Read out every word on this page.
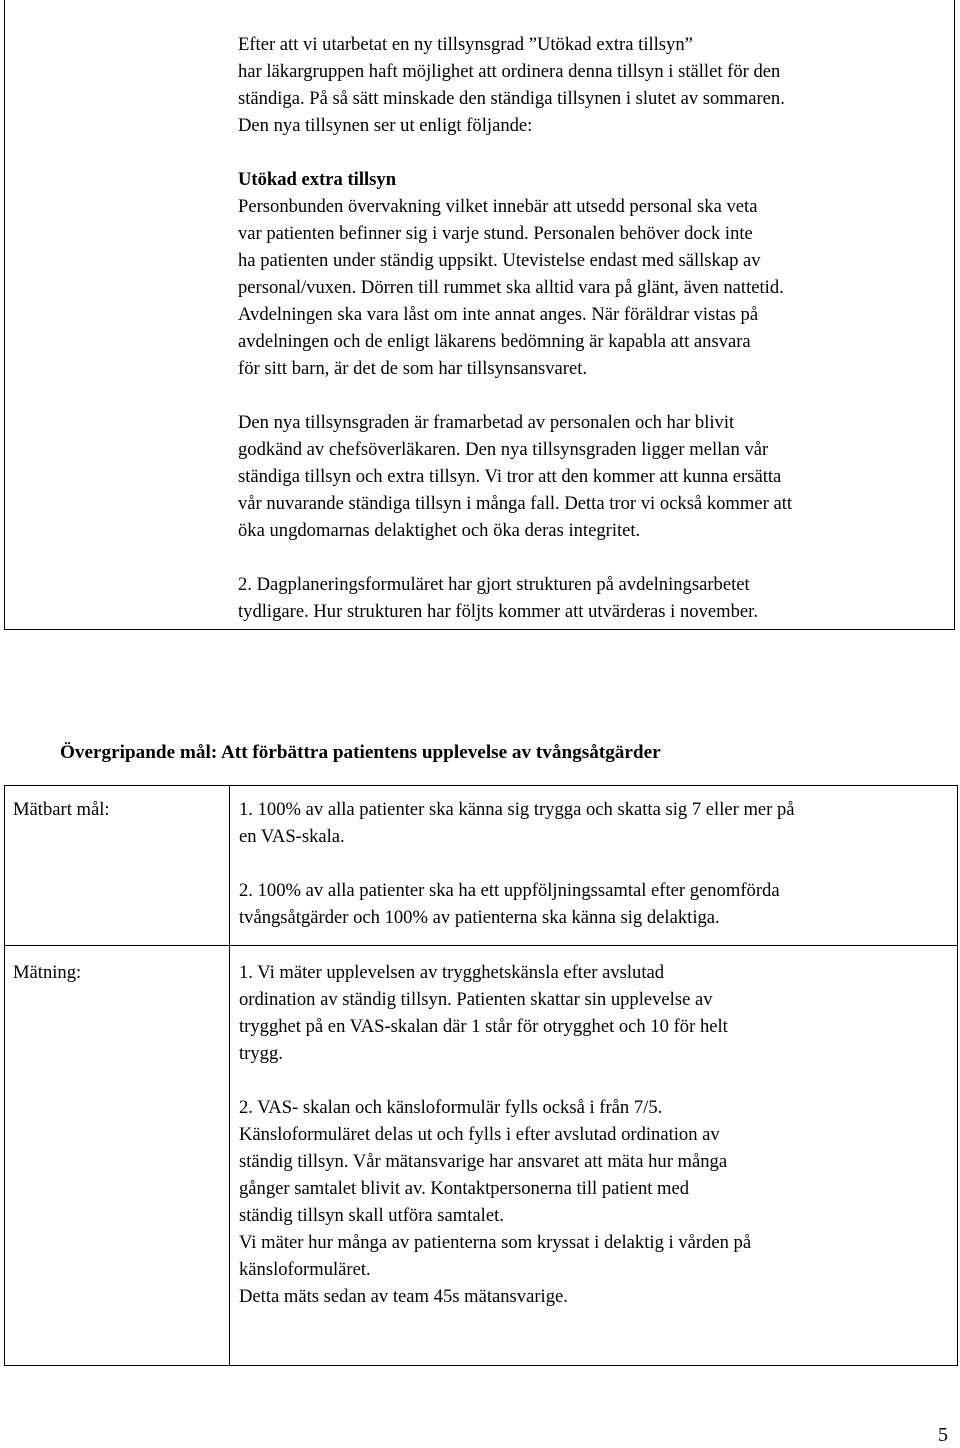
Efter att vi utarbetat en ny tillsynsgrad ”Utökad extra tillsyn”

har läkargruppen haft möjlighet att ordinera denna tillsyn i stället för den

ständiga. På så sätt minskade den ständiga tillsynen i slutet av sommaren.

Den nya tillsynen ser ut enligt följande:

Utökad extra tillsyn

Personbunden övervakning vilket innebär att utsedd personal ska veta

var patienten befinner sig i varje stund. Personalen behöver dock inte

ha patienten under ständig uppsikt. Utevistelse endast med sällskap av

personal/vuxen. Dörren till rummet ska alltid vara på glänt, även nattetid.

Avdelningen ska vara låst om inte annat anges. När föräldrar vistas på

avdelningen och de enligt läkarens bedömning är kapabla att ansvara

för sitt barn, är det de som har tillsynsansvaret.

Den nya tillsynsgraden är framarbetad av personalen och har blivit

godkänd av chefsöverläkaren. Den nya tillsynsgraden ligger mellan vår

ständiga tillsyn och extra tillsyn. Vi tror att den kommer att kunna ersätta

vår nuvarande ständiga tillsyn i många fall. Detta tror vi också kommer att

öka ungdomarnas delaktighet och öka deras integritet.

2. Dagplaneringsformuläret har gjort strukturen på avdelningsarbetet

tydligare. Hur strukturen har följts kommer att utvärderas i november.

Övergripande mål: Att förbättra patientens upplevelse av tvångsåtgärder
Mätbart mål:	1. 100% av alla patienter ska känna sig trygga och skatta sig 7 eller mer på

en VAS-skala.

2. 100% av alla patienter ska ha ett uppföljningssamtal efter genomförda

tvångsåtgärder och 100% av patienterna ska känna sig delaktiga.

Mätning:	1. Vi mäter upplevelsen av trygghetskänsla efter avslutad

ordination av ständig tillsyn. Patienten skattar sin upplevelse av

trygghet på en VAS-skalan där 1 står för otrygghet och 10 för helt

trygg.

2. VAS- skalan och känsloformulär fylls också i från 7/5.

Känsloformuläret delas ut och fylls i efter avslutad ordination av

ständig tillsyn. Vår mätansvarige har ansvaret att mäta hur många

gånger samtalet blivit av. Kontaktpersonerna till patient med

ständig tillsyn skall utföra samtalet.

Vi mäter hur många av patienterna som kryssat i delaktig i vården på

känsloformuläret.

Detta mäts sedan av team 45s mätansvarige.

5
